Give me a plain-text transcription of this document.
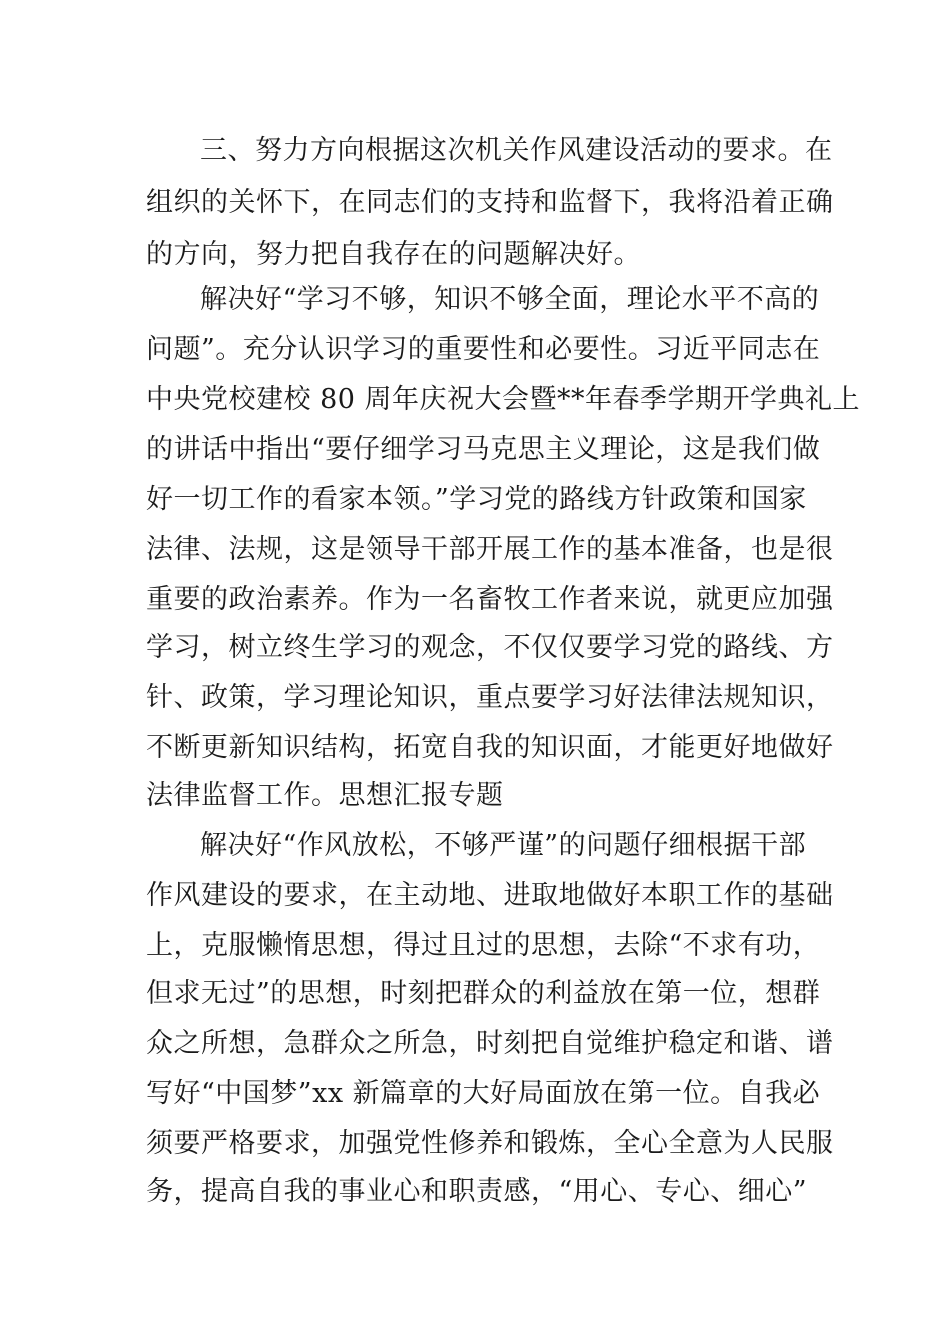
三、努力方向根据这次机关作风建设活动的要求。在
组织的关怀下，在同志们的支持和监督下，我将沿着正确
的方向，努力把自我存在的问题解决好。
解决好“学习不够，知识不够全面，理论水平不高的
问题”。充分认识学习的重要性和必要性。习近平同志在
中央党校建校 80 周年庆祝大会暨**年春季学期开学典礼上
的讲话中指出“要仔细学习马克思主义理论，这是我们做
好一切工作的看家本领。”学习党的路线方针政策和国家
法律、法规，这是领导干部开展工作的基本准备，也是很
重要的政治素养。作为一名畜牧工作者来说，就更应加强
学习，树立终生学习的观念，不仅仅要学习党的路线、方
针、政策，学习理论知识，重点要学习好法律法规知识，
不断更新知识结构，拓宽自我的知识面，才能更好地做好
法律监督工作。思想汇报专题
解决好“作风放松，不够严谨”的问题仔细根据干部
作风建设的要求，在主动地、进取地做好本职工作的基础
上，克服懒惰思想，得过且过的思想，去除“不求有功，
但求无过”的思想，时刻把群众的利益放在第一位，想群
众之所想，急群众之所急，时刻把自觉维护稳定和谐、谱
写好“中国梦”xx 新篇章的大好局面放在第一位。自我必
须要严格要求，加强党性修养和锻炼，全心全意为人民服
务，提高自我的事业心和职责感，“用心、专心、细心”
